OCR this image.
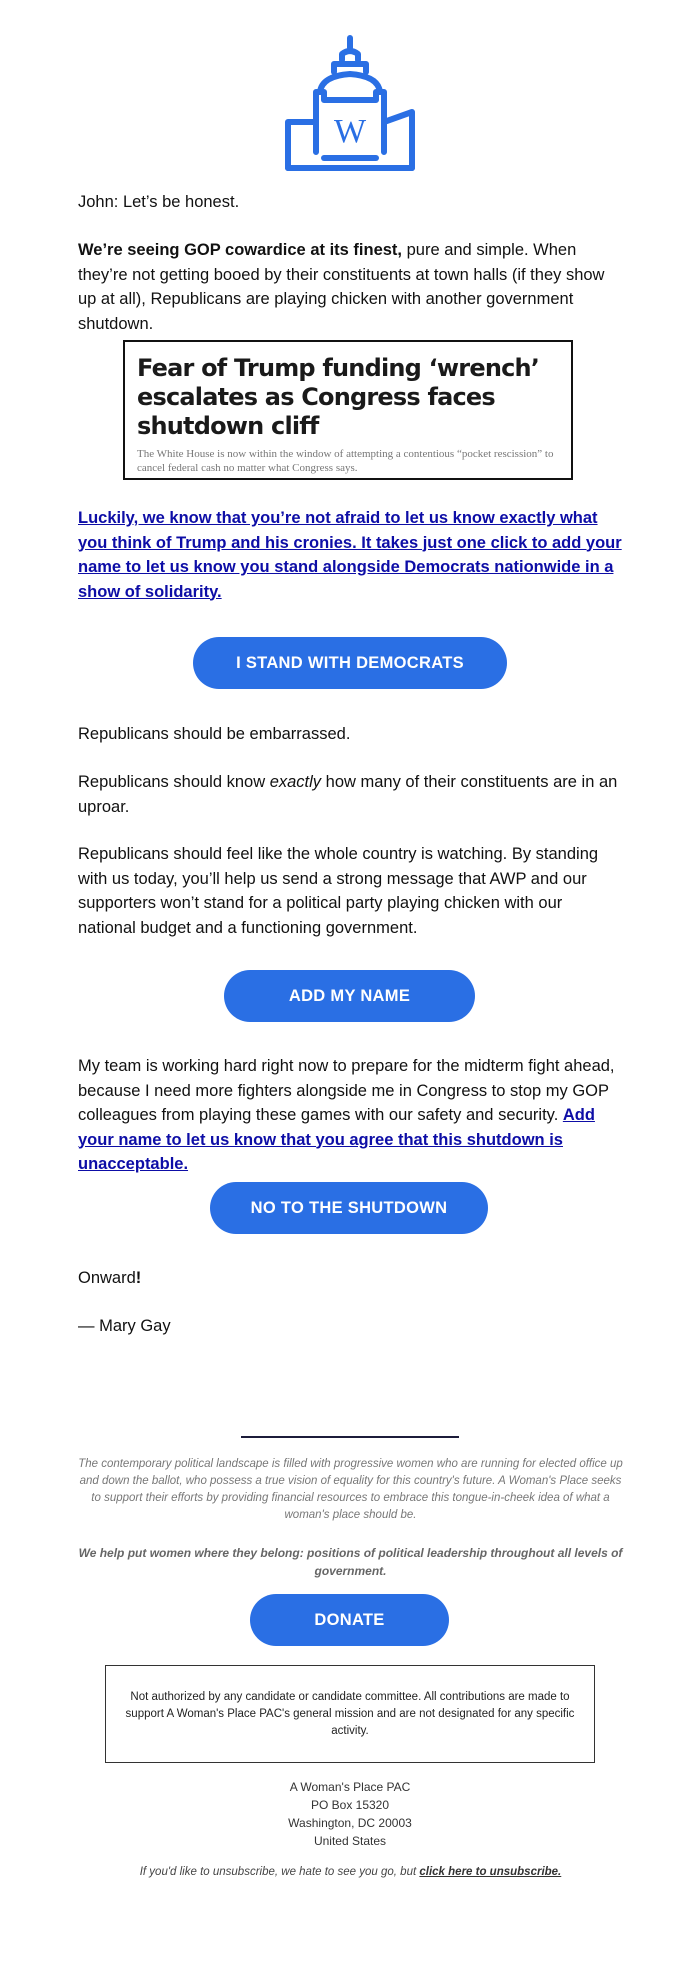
W

John: Let’s be honest.

We’re seeing GOP cowardice at its finest, pure and simple. When they’re not getting booed by their constituents at town halls (if they show up at all), Republicans are playing chicken with another government shutdown.

Fear of Trump funding ‘wrench’ escalates as Congress faces shutdown cliff

The White House is now within the window of attempting a contentious “pocket rescission” to cancel federal cash no matter what Congress says.

Luckily, we know that you’re not afraid to let us know exactly what you think of Trump and his cronies. It takes just one click to add your name to let us know you stand alongside Democrats nationwide in a show of solidarity.

I STAND WITH DEMOCRATS

Republicans should be embarrassed.

Republicans should know exactly how many of their constituents are in an uproar.

Republicans should feel like the whole country is watching. By standing with us today, you’ll help us send a strong message that AWP and our supporters won’t stand for a political party playing chicken with our national budget and a functioning government.

ADD MY NAME

My team is working hard right now to prepare for the midterm fight ahead, because I need more fighters alongside me in Congress to stop my GOP colleagues from playing these games with our safety and security. Add your name to let us know that you agree that this shutdown is unacceptable.

NO TO THE SHUTDOWN

Onward!

— Mary Gay

The contemporary political landscape is filled with progressive women who are running for elected office up and down the ballot, who possess a true vision of equality for this country's future. A Woman's Place seeks to support their efforts by providing financial resources to embrace this tongue-in-cheek idea of what a woman's place should be.

We help put women where they belong: positions of political leadership throughout all levels of government.

DONATE
Not authorized by any candidate or candidate committee. All contributions are made to support A Woman's Place PAC's general mission and are not designated for any specific activity.
A Woman's Place PAC
PO Box 15320
Washington, DC 20003
United States
If you'd like to unsubscribe, we hate to see you go, but click here to unsubscribe.
